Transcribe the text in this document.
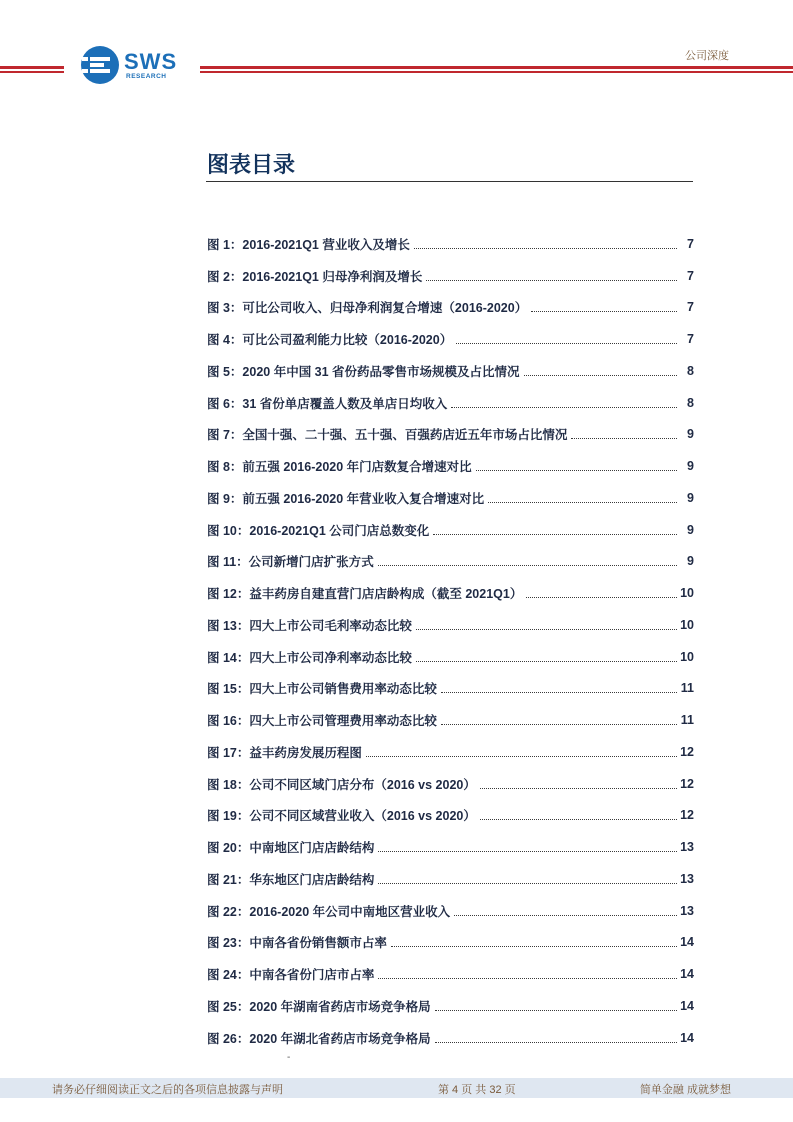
SWS
RESEARCH
公司深度
图表目录
图 1：2016-2021Q1 营业收入及增长	7
图 2：2016-2021Q1 归母净利润及增长	7
图 3：可比公司收入、归母净利润复合增速（2016-2020）	7
图 4：可比公司盈利能力比较（2016-2020）	7
图 5：2020 年中国 31 省份药品零售市场规模及占比情况	8
图 6：31 省份单店覆盖人数及单店日均收入	8
图 7：全国十强、二十强、五十强、百强药店近五年市场占比情况	9
图 8：前五强 2016-2020 年门店数复合增速对比	9
图 9：前五强 2016-2020 年营业收入复合增速对比	9
图 10：2016-2021Q1 公司门店总数变化	9
图 11：公司新增门店扩张方式	9
图 12：益丰药房自建直营门店店龄构成（截至 2021Q1）	10
图 13：四大上市公司毛利率动态比较	10
图 14：四大上市公司净利率动态比较	10
图 15：四大上市公司销售费用率动态比较	11
图 16：四大上市公司管理费用率动态比较	11
图 17：益丰药房发展历程图	12
图 18：公司不同区域门店分布（2016 vs 2020）	12
图 19：公司不同区域营业收入（2016 vs 2020）	12
图 20：中南地区门店店龄结构	13
图 21：华东地区门店店龄结构	13
图 22：2016-2020 年公司中南地区营业收入	13
图 23：中南各省份销售额市占率	14
图 24：中南各省份门店市占率	14
图 25：2020 年湖南省药店市场竞争格局	14
图 26：2020 年湖北省药店市场竞争格局	14
-
请务必仔细阅读正文之后的各项信息披露与声明	第 4 页 共 32 页	简单金融 成就梦想
